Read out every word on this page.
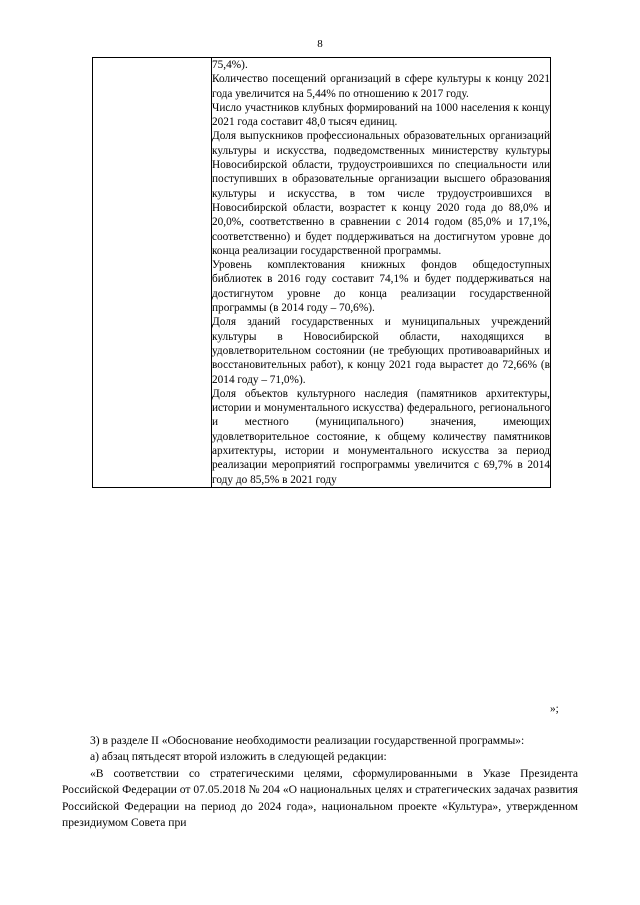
8

75,4%).

Количество посещений организаций в сфере культуры к концу 2021 года увеличится на 5,44% по отношению к 2017 году.

Число участников клубных формирований на 1000 населения к концу 2021 года составит 48,0 тысяч единиц.

Доля выпускников профессиональных образовательных организаций культуры и искусства, подведомственных министерству культуры Новосибирской области, трудоустроившихся по специальности или поступивших в образовательные организации высшего образования культуры и искусства, в том числе трудоустроившихся в Новосибирской области, возрастет к концу 2020 года до 88,0% и 20,0%, соответственно в сравнении с 2014 годом (85,0% и 17,1%, соответственно) и будет поддерживаться на достигнутом уровне до конца реализации государственной программы.

Уровень комплектования книжных фондов общедоступных библиотек в 2016 году составит 74,1% и будет поддерживаться на достигнутом уровне до конца реализации государственной программы (в 2014 году – 70,6%).

Доля зданий государственных и муниципальных учреждений культуры в Новосибирской области, находящихся в удовлетворительном состоянии (не требующих противоаварийных и восстановительных работ), к концу 2021 года вырастет до 72,66% (в 2014 году – 71,0%).

Доля объектов культурного наследия (памятников архитектуры, истории и монументального искусства) федерального, регионального и местного (муниципального) значения, имеющих удовлетворительное состояние, к общему количеству памятников архитектуры, истории и монументального искусства за период реализации мероприятий госпрограммы увеличится с 69,7% в 2014 году до 85,5% в 2021 году

»;

3) в разделе II «Обоснование необходимости реализации государственной программы»:

а) абзац пятьдесят второй изложить в следующей редакции:

«В соответствии со стратегическими целями, сформулированными в Указе Президента Российской Федерации от 07.05.2018 № 204 «О национальных целях и стратегических задачах развития Российской Федерации на период до 2024 года», национальном проекте «Культура», утвержденном президиумом Совета при
